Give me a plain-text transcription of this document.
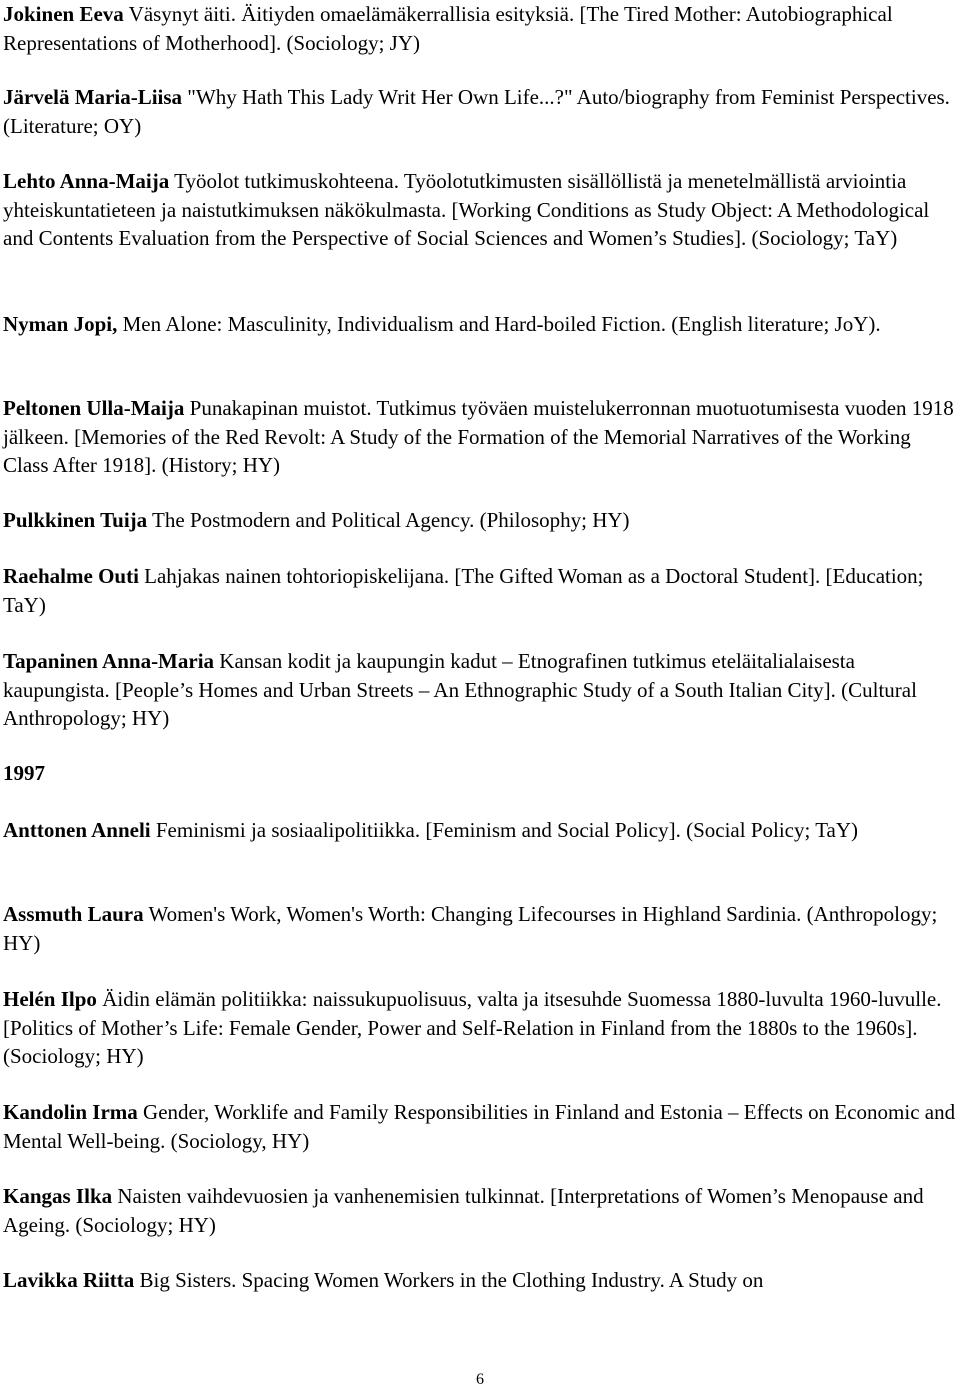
Jokinen Eeva Väsynyt äiti. Äitiyden omaelämäkerrallisia esityksiä. [The Tired Mother: Autobiographical Representations of Motherhood]. (Sociology; JY)

Järvelä Maria-Liisa "Why Hath This Lady Writ Her Own Life...?" Auto/biography from Feminist Perspectives. (Literature; OY)

Lehto Anna-Maija Työolot tutkimuskohteena. Työolotutkimusten sisällöllistä ja menetelmällistä arviointia yhteiskuntatieteen ja naistutkimuksen näkökulmasta. [Working Conditions as Study Object: A Methodological and Contents Evaluation from the Perspective of Social Sciences and Women’s Studies]. (Sociology; TaY)

Nyman Jopi, Men Alone: Masculinity, Individualism and Hard-boiled Fiction. (English literature; JoY).

Peltonen Ulla-Maija Punakapinan muistot. Tutkimus työväen muistelukerronnan muotuotumisesta vuoden 1918 jälkeen. [Memories of the Red Revolt: A Study of the Formation of the Memorial Narratives of the Working Class After 1918]. (History; HY)

Pulkkinen Tuija The Postmodern and Political Agency. (Philosophy; HY)

Raehalme Outi Lahjakas nainen tohtoriopiskelijana. [The Gifted Woman as a Doctoral Student]. [Education; TaY)

Tapaninen Anna-Maria Kansan kodit ja kaupungin kadut – Etnografinen tutkimus eteläitalialaisesta kaupungista. [People’s Homes and Urban Streets – An Ethnographic Study of a South Italian City]. (Cultural Anthropology; HY)

1997

Anttonen Anneli Feminismi ja sosiaalipolitiikka. [Feminism and Social Policy]. (Social Policy; TaY)

Assmuth Laura Women's Work, Women's Worth: Changing Lifecourses in Highland Sardinia. (Anthropology; HY)

Helén Ilpo Äidin elämän politiikka: naissukupuolisuus, valta ja itsesuhde Suomessa 1880-luvulta 1960-luvulle. [Politics of Mother’s Life: Female Gender, Power and Self-Relation in Finland from the 1880s to the 1960s]. (Sociology; HY)

Kandolin Irma Gender, Worklife and Family Responsibilities in Finland and Estonia – Effects on Economic and Mental Well-being. (Sociology, HY)

Kangas Ilka Naisten vaihdevuosien ja vanhenemisien tulkinnat. [Interpretations of Women’s Menopause and Ageing. (Sociology; HY)

Lavikka Riitta Big Sisters. Spacing Women Workers in the Clothing Industry. A Study on

6
